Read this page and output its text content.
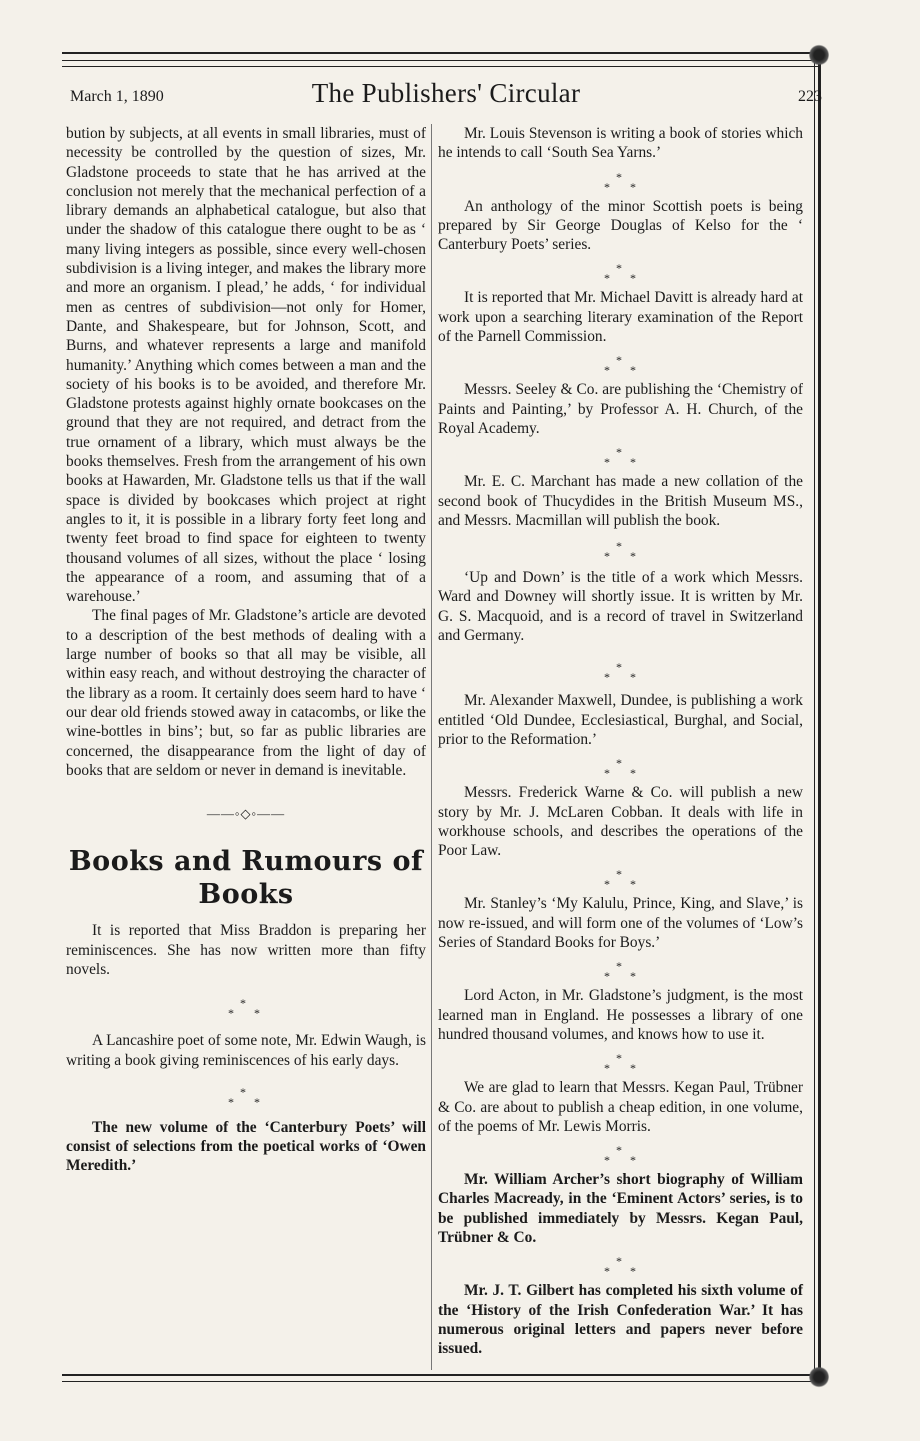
March 1, 1890	The Publishers' Circular	223

bution by subjects, at all events in small libraries, must of necessity be controlled by the question of sizes, Mr. Gladstone proceeds to state that he has arrived at the conclusion not merely that the mechanical perfection of a library demands an alphabetical catalogue, but also that under the shadow of this catalogue there ought to be as ‘ many living integers as possible, since every well-chosen subdivision is a living integer, and makes the library more and more an organism. I plead,’ he adds, ‘ for individual men as centres of subdivision—not only for Homer, Dante, and Shakespeare, but for Johnson, Scott, and Burns, and whatever represents a large and manifold humanity.’ Anything which comes between a man and the society of his books is to be avoided, and therefore Mr. Gladstone protests against highly ornate bookcases on the ground that they are not required, and detract from the true ornament of a library, which must always be the books themselves. Fresh from the arrangement of his own books at Hawarden, Mr. Gladstone tells us that if the wall space is divided by bookcases which project at right angles to it, it is possible in a library forty feet long and twenty feet broad to find space for eighteen to twenty thousand volumes of all sizes, without the place ‘ losing the appearance of a room, and assuming that of a warehouse.’

The final pages of Mr. Gladstone’s article are devoted to a description of the best methods of dealing with a large number of books so that all may be visible, all within easy reach, and without destroying the character of the library as a room. It certainly does seem hard to have ‘ our dear old friends stowed away in catacombs, or like the wine-bottles in bins’; but, so far as public libraries are concerned, the disappearance from the light of day of books that are seldom or never in demand is inevitable.

——◦◇◦——
Books and Rumours of
Books

It is reported that Miss Braddon is preparing her reminiscences. She has now written more than fifty novels.

*
* *

A Lancashire poet of some note, Mr. Edwin Waugh, is writing a book giving reminiscences of his early days.

*
* *

The new volume of the ‘Canterbury Poets’ will consist of selections from the poetical works of ‘Owen Meredith.’

Mr. Louis Stevenson is writing a book of stories which he intends to call ‘South Sea Yarns.’

*
* *

An anthology of the minor Scottish poets is being prepared by Sir George Douglas of Kelso for the ‘ Canterbury Poets’ series.

*
* *

It is reported that Mr. Michael Davitt is already hard at work upon a searching literary examination of the Report of the Parnell Commission.

*
* *

Messrs. Seeley & Co. are publishing the ‘Chemistry of Paints and Painting,’ by Professor A. H. Church, of the Royal Academy.

*
* *

Mr. E. C. Marchant has made a new collation of the second book of Thucydides in the British Museum MS., and Messrs. Macmillan will publish the book.

*
* *

‘Up and Down’ is the title of a work which Messrs. Ward and Downey will shortly issue. It is written by Mr. G. S. Macquoid, and is a record of travel in Switzerland and Germany.

*
* *

Mr. Alexander Maxwell, Dundee, is publishing a work entitled ‘Old Dundee, Ecclesiastical, Burghal, and Social, prior to the Reformation.’

*
* *

Messrs. Frederick Warne & Co. will publish a new story by Mr. J. McLaren Cobban. It deals with life in workhouse schools, and describes the operations of the Poor Law.

*
* *

Mr. Stanley’s ‘My Kalulu, Prince, King, and Slave,’ is now re-issued, and will form one of the volumes of ‘Low’s Series of Standard Books for Boys.’

*
* *

Lord Acton, in Mr. Gladstone’s judgment, is the most learned man in England. He possesses a library of one hundred thousand volumes, and knows how to use it.

*
* *

We are glad to learn that Messrs. Kegan Paul, Trübner & Co. are about to publish a cheap edition, in one volume, of the poems of Mr. Lewis Morris.

*
* *

Mr. William Archer’s short biography of William Charles Macready, in the ‘Eminent Actors’ series, is to be published immediately by Messrs. Kegan Paul, Trübner & Co.

*
* *

Mr. J. T. Gilbert has completed his sixth volume of the ‘History of the Irish Confederation War.’ It has numerous original letters and papers never before issued.
